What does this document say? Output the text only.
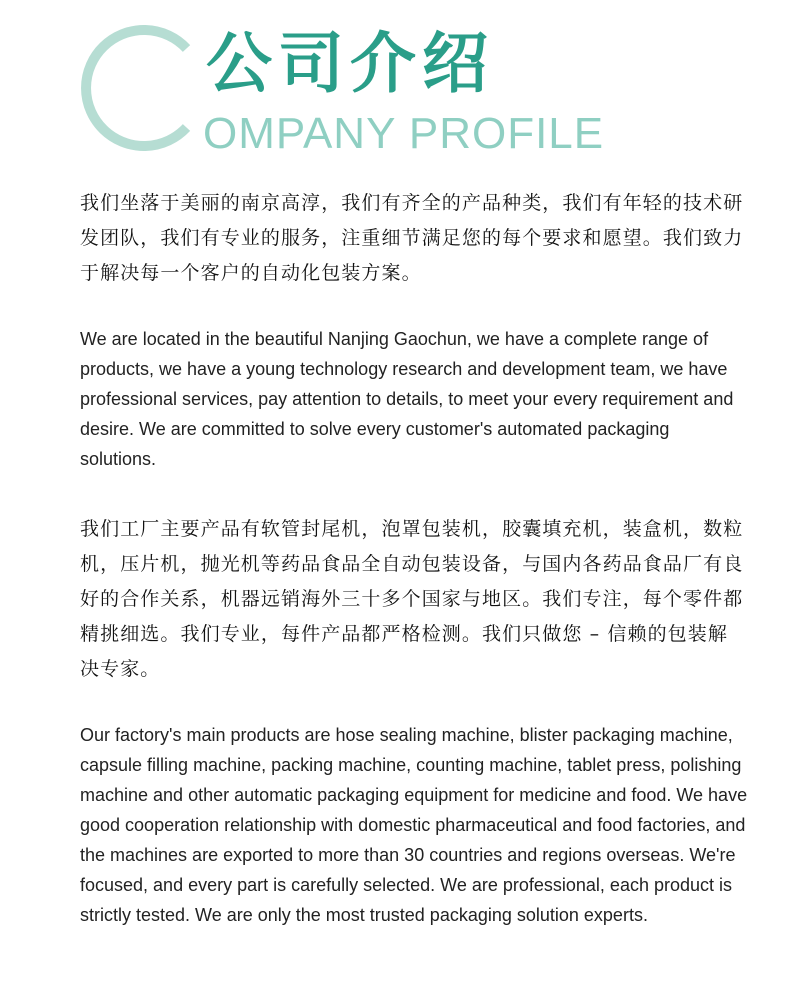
公司介绍
OMPANY PROFILE

我们坐落于美丽的南京高淳，我们有齐全的产品种类，我们有年轻的技术研发团队，我们有专业的服务，注重细节满足您的每个要求和愿望。我们致力于解决每一个客户的自动化包装方案。

We are located in the beautiful Nanjing Gaochun, we have a complete range of products, we have a young technology research and development team, we have professional services, pay attention to details, to meet your every requirement and desire. We are committed to solve every customer's automated packaging solutions.

我们工厂主要产品有软管封尾机，泡罩包装机，胶囊填充机，装盒机，数粒机，压片机，抛光机等药品食品全自动包装设备，与国内各药品食品厂有良好的合作关系，机器远销海外三十多个国家与地区。我们专注，每个零件都精挑细选。我们专业，每件产品都严格检测。我们只做您 – 信赖的包装解决专家。

Our factory's main products are hose sealing machine, blister packaging machine, capsule filling machine, packing machine, counting machine, tablet press, polishing machine and other automatic packaging equipment for medicine and food. We have good cooperation relationship with domestic pharmaceutical and food factories, and the machines are exported to more than 30 countries and regions overseas. We're focused, and every part is carefully selected. We are professional, each product is strictly tested. We are only the most trusted packaging solution experts.
